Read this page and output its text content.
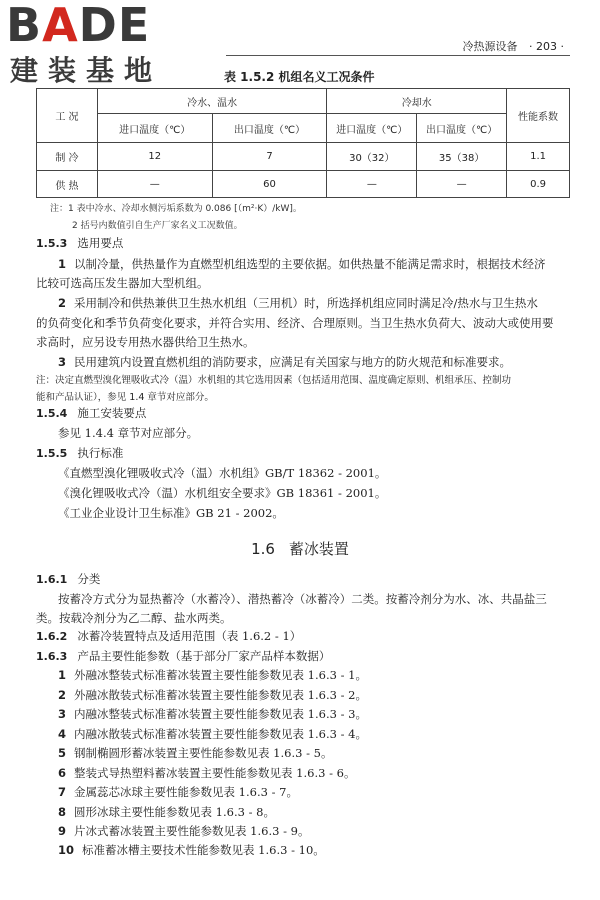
BADE
建装基地
冷热源设备 · 203 ·
表 1.5.2 机组名义工况条件
工 况	冷水、温水		冷却水		性能系数
	进口温度（℃）	出口温度（℃）	进口温度（℃）	出口温度（℃）	
制 冷	12	7	30（32）	35（38）	1.1
供 热	—	60	—	—	0.9
注：1 表中冷水、冷却水侧污垢系数为 0.086 [（m²·K）/kW]。
2 括号内数值引自生产厂家名义工况数值。
1.5.3 选用要点
1 以制冷量，供热量作为直燃型机组选型的主要依据。如供热量不能满足需求时，根据技术经济
比较可选高压发生器加大型机组。
2 采用制冷和供热兼供卫生热水机组（三用机）时，所选择机组应同时满足冷/热水与卫生热水
的负荷变化和季节负荷变化要求，并符合实用、经济、合理原则。当卫生热水负荷大、波动大或使用要
求高时，应另设专用热水器供给卫生热水。
3 民用建筑内设置直燃机组的消防要求，应满足有关国家与地方的防火规范和标准要求。
注：决定直燃型溴化锂吸收式冷（温）水机组的其它选用因素（包括适用范围、温度确定原则、机组承压、控制功
能和产品认证），参见 1.4 章节对应部分。
1.5.4 施工安装要点
参见 1.4.4 章节对应部分。
1.5.5 执行标准
《直燃型溴化锂吸收式冷（温）水机组》GB/T 18362 - 2001。
《溴化锂吸收式冷（温）水机组安全要求》GB 18361 - 2001。
《工业企业设计卫生标准》GB 21 - 2002。
1.6 蓄冰装置
1.6.1 分类
按蓄冷方式分为显热蓄冷（水蓄冷）、潜热蓄冷（冰蓄冷）二类。按蓄冷剂分为水、冰、共晶盐三
类。按载冷剂分为乙二醇、盐水两类。
1.6.2 冰蓄冷装置特点及适用范围（表 1.6.2 - 1）
1.6.3 产品主要性能参数（基于部分厂家产品样本数据）
1 外融冰整装式标准蓄冰装置主要性能参数见表 1.6.3 - 1。
2 外融冰散装式标准蓄冰装置主要性能参数见表 1.6.3 - 2。
3 内融冰整装式标准蓄冰装置主要性能参数见表 1.6.3 - 3。
4 内融冰散装式标准蓄冰装置主要性能参数见表 1.6.3 - 4。
5 钢制椭圆形蓄冰装置主要性能参数见表 1.6.3 - 5。
6 整装式导热塑料蓄冰装置主要性能参数见表 1.6.3 - 6。
7 金属蕊芯冰球主要性能参数见表 1.6.3 - 7。
8 圆形冰球主要性能参数见表 1.6.3 - 8。
9 片冰式蓄冰装置主要性能参数见表 1.6.3 - 9。
10 标准蓄冰槽主要技术性能参数见表 1.6.3 - 10。
